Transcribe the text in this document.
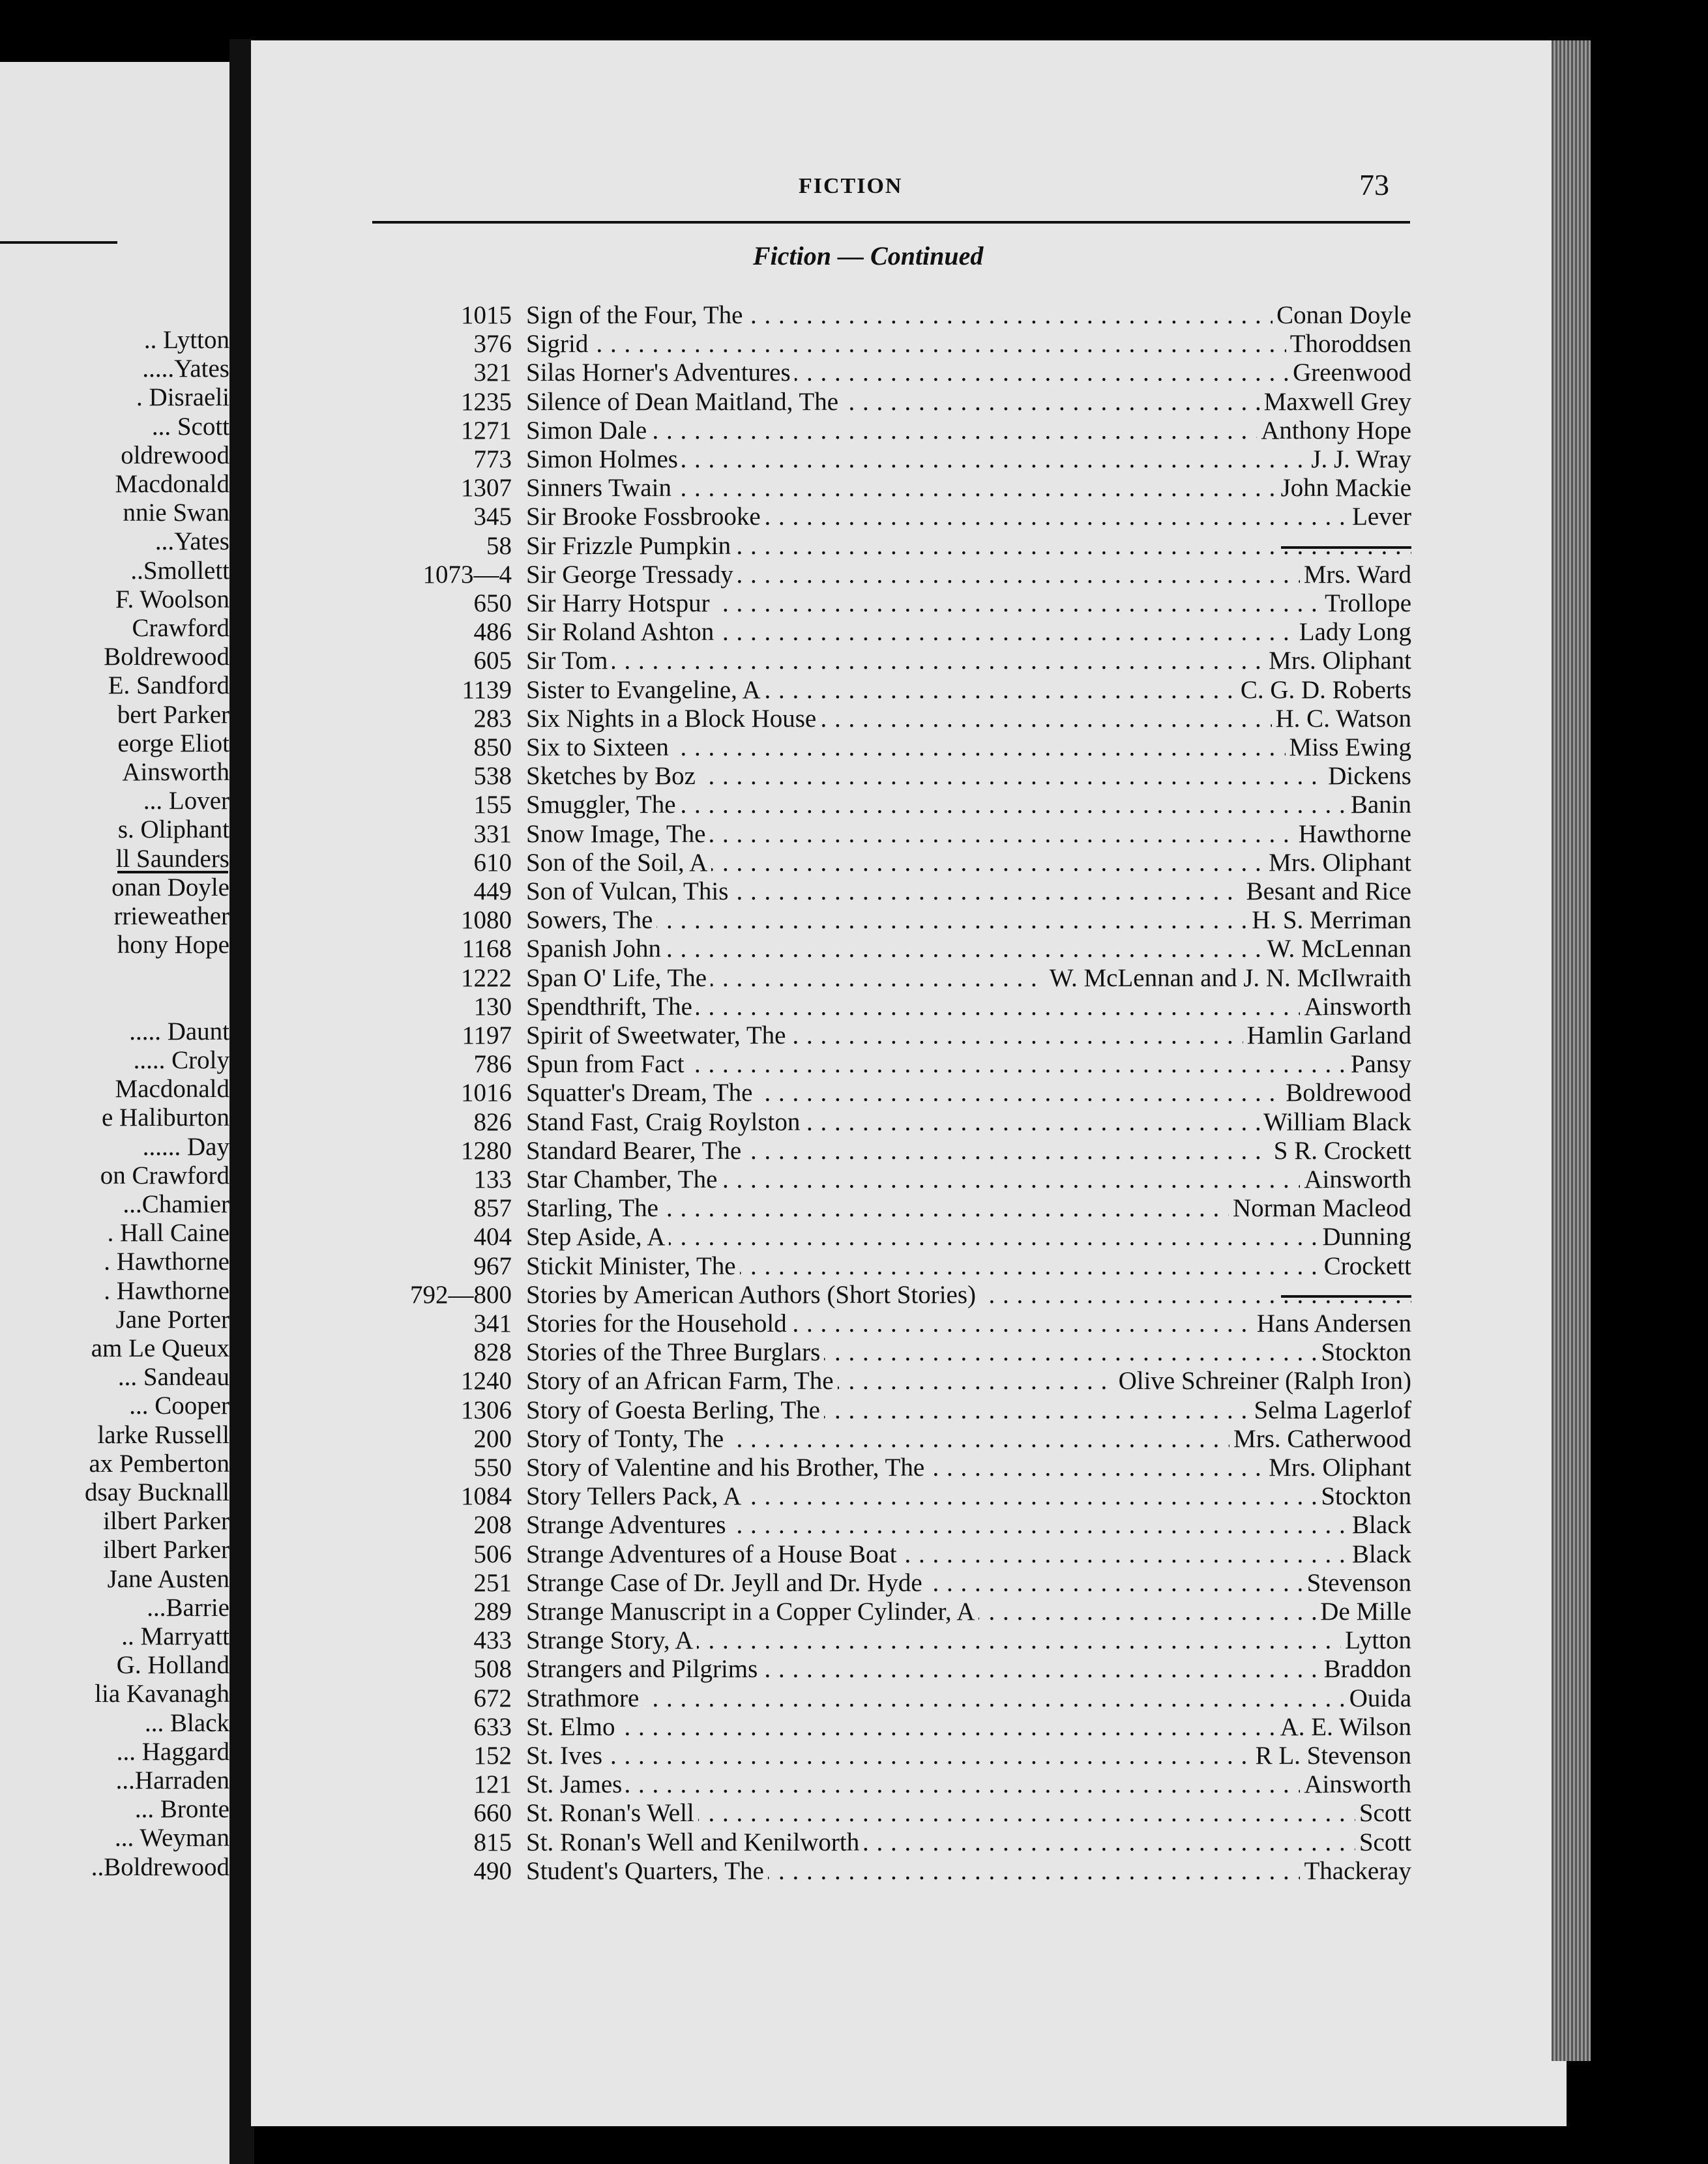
.. Lytton
.....Yates
. Disraeli
... Scott
oldrewood
Macdonald
nnie Swan
...Yates
..Smollett
F. Woolson
Crawford
Boldrewood
E. Sandford
bert Parker
eorge Eliot
Ainsworth
... Lover
s. Oliphant
ll Saunders
onan Doyle
rrieweather
hony Hope
..... Daunt
..... Croly
Macdonald
e Haliburton
...... Day
on Crawford
...Chamier
. Hall Caine
. Hawthorne
. Hawthorne
Jane Porter
am Le Queux
... Sandeau
... Cooper
larke Russell
ax Pemberton
dsay Bucknall
ilbert Parker
ilbert Parker
Jane Austen
...Barrie
.. Marryatt
G. Holland
lia Kavanagh
... Black
... Haggard
...Harraden
... Bronte
... Weyman
..Boldrewood
FICTION	73
Fiction — Continued
1015 . . . Sign of the Four, The	Conan Doyle
376 . . . Sigrid	Thoroddsen
321 . . . Silas Horner's Adventures	Greenwood
1235 . . . Silence of Dean Maitland, The	Maxwell Grey
1271 . . . Simon Dale	Anthony Hope
773 . . . Simon Holmes	J. J. Wray
1307 . . . Sinners Twain	John Mackie
345 . . . Sir Brooke Fossbrooke	Lever
58 . . . Sir Frizzle Pumpkin
1073—4 . . . Sir George Tressady	Mrs. Ward
650 . . . Sir Harry Hotspur	Trollope
486 . . . Sir Roland Ashton	Lady Long
605 . . . Sir Tom	Mrs. Oliphant
1139 . . . Sister to Evangeline, A	C. G. D. Roberts
283 . . . Six Nights in a Block House	H. C. Watson
850 . . . Six to Sixteen	Miss Ewing
538 . . . Sketches by Boz	Dickens
155 . . . Smuggler, The	Banin
331 . . . Snow Image, The	Hawthorne
610 . . . Son of the Soil, A	Mrs. Oliphant
449 . . . Son of Vulcan, This	Besant and Rice
1080 . . . Sowers, The	H. S. Merriman
1168 . . . Spanish John	W. McLennan
1222 . . . Span O' Life, The	W. McLennan and J. N. McIlwraith
130 . . . Spendthrift, The	Ainsworth
1197 . . . Spirit of Sweetwater, The	Hamlin Garland
786 . . . Spun from Fact	Pansy
1016 . . . Squatter's Dream, The	Boldrewood
826 . . . Stand Fast, Craig Roylston	William Black
1280 . . . Standard Bearer, The	S R. Crockett
133 . . . Star Chamber, The	Ainsworth
857 . . . Starling, The	Norman Macleod
404 . . . Step Aside, A	Dunning
967 . . . Stickit Minister, The	Crockett
792—800 . . . Stories by American Authors (Short Stories)
341 . . . Stories for the Household	Hans Andersen
828 . . . Stories of the Three Burglars	Stockton
1240 . . . Story of an African Farm, The	Olive Schreiner (Ralph Iron)
1306 . . . Story of Goesta Berling, The	Selma Lagerlof
200 . . . Story of Tonty, The	Mrs. Catherwood
550 . . . Story of Valentine and his Brother, The	Mrs. Oliphant
1084 . . . Story Tellers Pack, A	Stockton
208 . . . Strange Adventures	Black
506 . . . Strange Adventures of a House Boat	Black
251 . . . Strange Case of Dr. Jeyll and Dr. Hyde	Stevenson
289 . . . Strange Manuscript in a Copper Cylinder, A	De Mille
433 . . . Strange Story, A	Lytton
508 . . . Strangers and Pilgrims	Braddon
672 . . . Strathmore	Ouida
633 . . . St. Elmo	A. E. Wilson
152 . . . St. Ives	R L. Stevenson
121 . . . St. James	Ainsworth
660 . . . St. Ronan's Well	Scott
815 . . . St. Ronan's Well and Kenilworth	Scott
490 . . . Student's Quarters, The	Thackeray
